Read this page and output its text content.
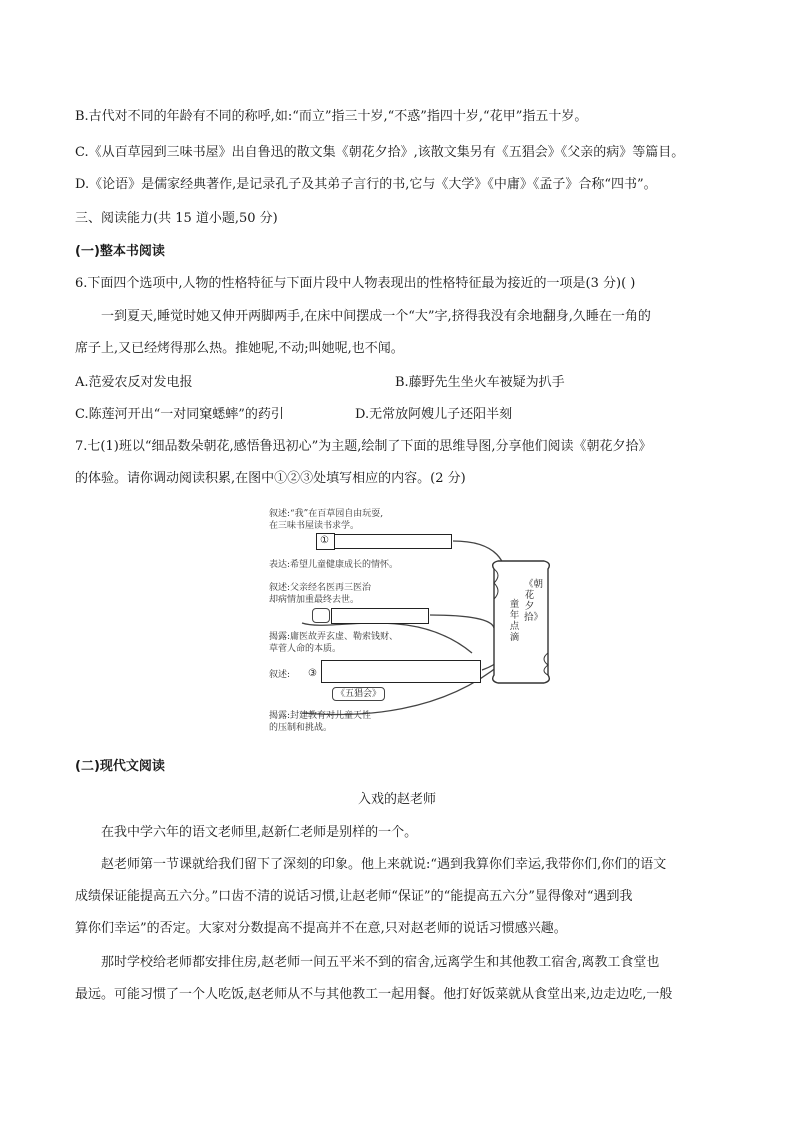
B.古代对不同的年龄有不同的称呼,如:“而立”指三十岁,“不惑”指四十岁,“花甲”指五十岁。
C.《从百草园到三味书屋》出自鲁迅的散文集《朝花夕拾》,该散文集另有《五猖会》《父亲的病》等篇目。
D.《论语》是儒家经典著作,是记录孔子及其弟子言行的书,它与《大学》《中庸》《孟子》合称“四书”。
三、阅读能力(共 15 道小题,50 分)
(一)整本书阅读
6.下面四个选项中,人物的性格特征与下面片段中人物表现出的性格特征最为接近的一项是(3 分)( )
一到夏天,睡觉时她又伸开两脚两手,在床中间摆成一个“大”字,挤得我没有余地翻身,久睡在一角的
席子上,又已经烤得那么热。推她呢,不动;叫她呢,也不闻。
A.范爱农反对发电报	B.藤野先生坐火车被疑为扒手
C.陈莲河开出“一对同窠蟋蟀”的药引	D.无常放阿嫂儿子还阳半刻
7.七(1)班以“细品数朵朝花,感悟鲁迅初心”为主题,绘制了下面的思维导图,分享他们阅读《朝花夕拾》
的体验。请你调动阅读积累,在图中①②③处填写相应的内容。(2 分)
叙述:“我”在百草园自由玩耍,
在三味书屋读书求学。
①
表达:希望儿童健康成长的情怀。
叙述:父亲经名医再三医治
却病情加重最终去世。
揭露:庸医故弄玄虚、勒索钱财、
草菅人命的本质。
叙述: ③
《五猖会》
揭露:封建教育对儿童天性
的压制和挑战。
《朝花夕拾》
童年点滴
(二)现代文阅读
入戏的赵老师
在我中学六年的语文老师里,赵新仁老师是别样的一个。
赵老师第一节课就给我们留下了深刻的印象。他上来就说:“遇到我算你们幸运,我带你们,你们的语文
成绩保证能提高五六分。”口齿不清的说话习惯,让赵老师“保证”的“能提高五六分”显得像对“遇到我
算你们幸运”的否定。大家对分数提高不提高并不在意,只对赵老师的说话习惯感兴趣。
那时学校给老师都安排住房,赵老师一间五平米不到的宿舍,远离学生和其他教工宿舍,离教工食堂也
最远。可能习惯了一个人吃饭,赵老师从不与其他教工一起用餐。他打好饭菜就从食堂出来,边走边吃,一般
